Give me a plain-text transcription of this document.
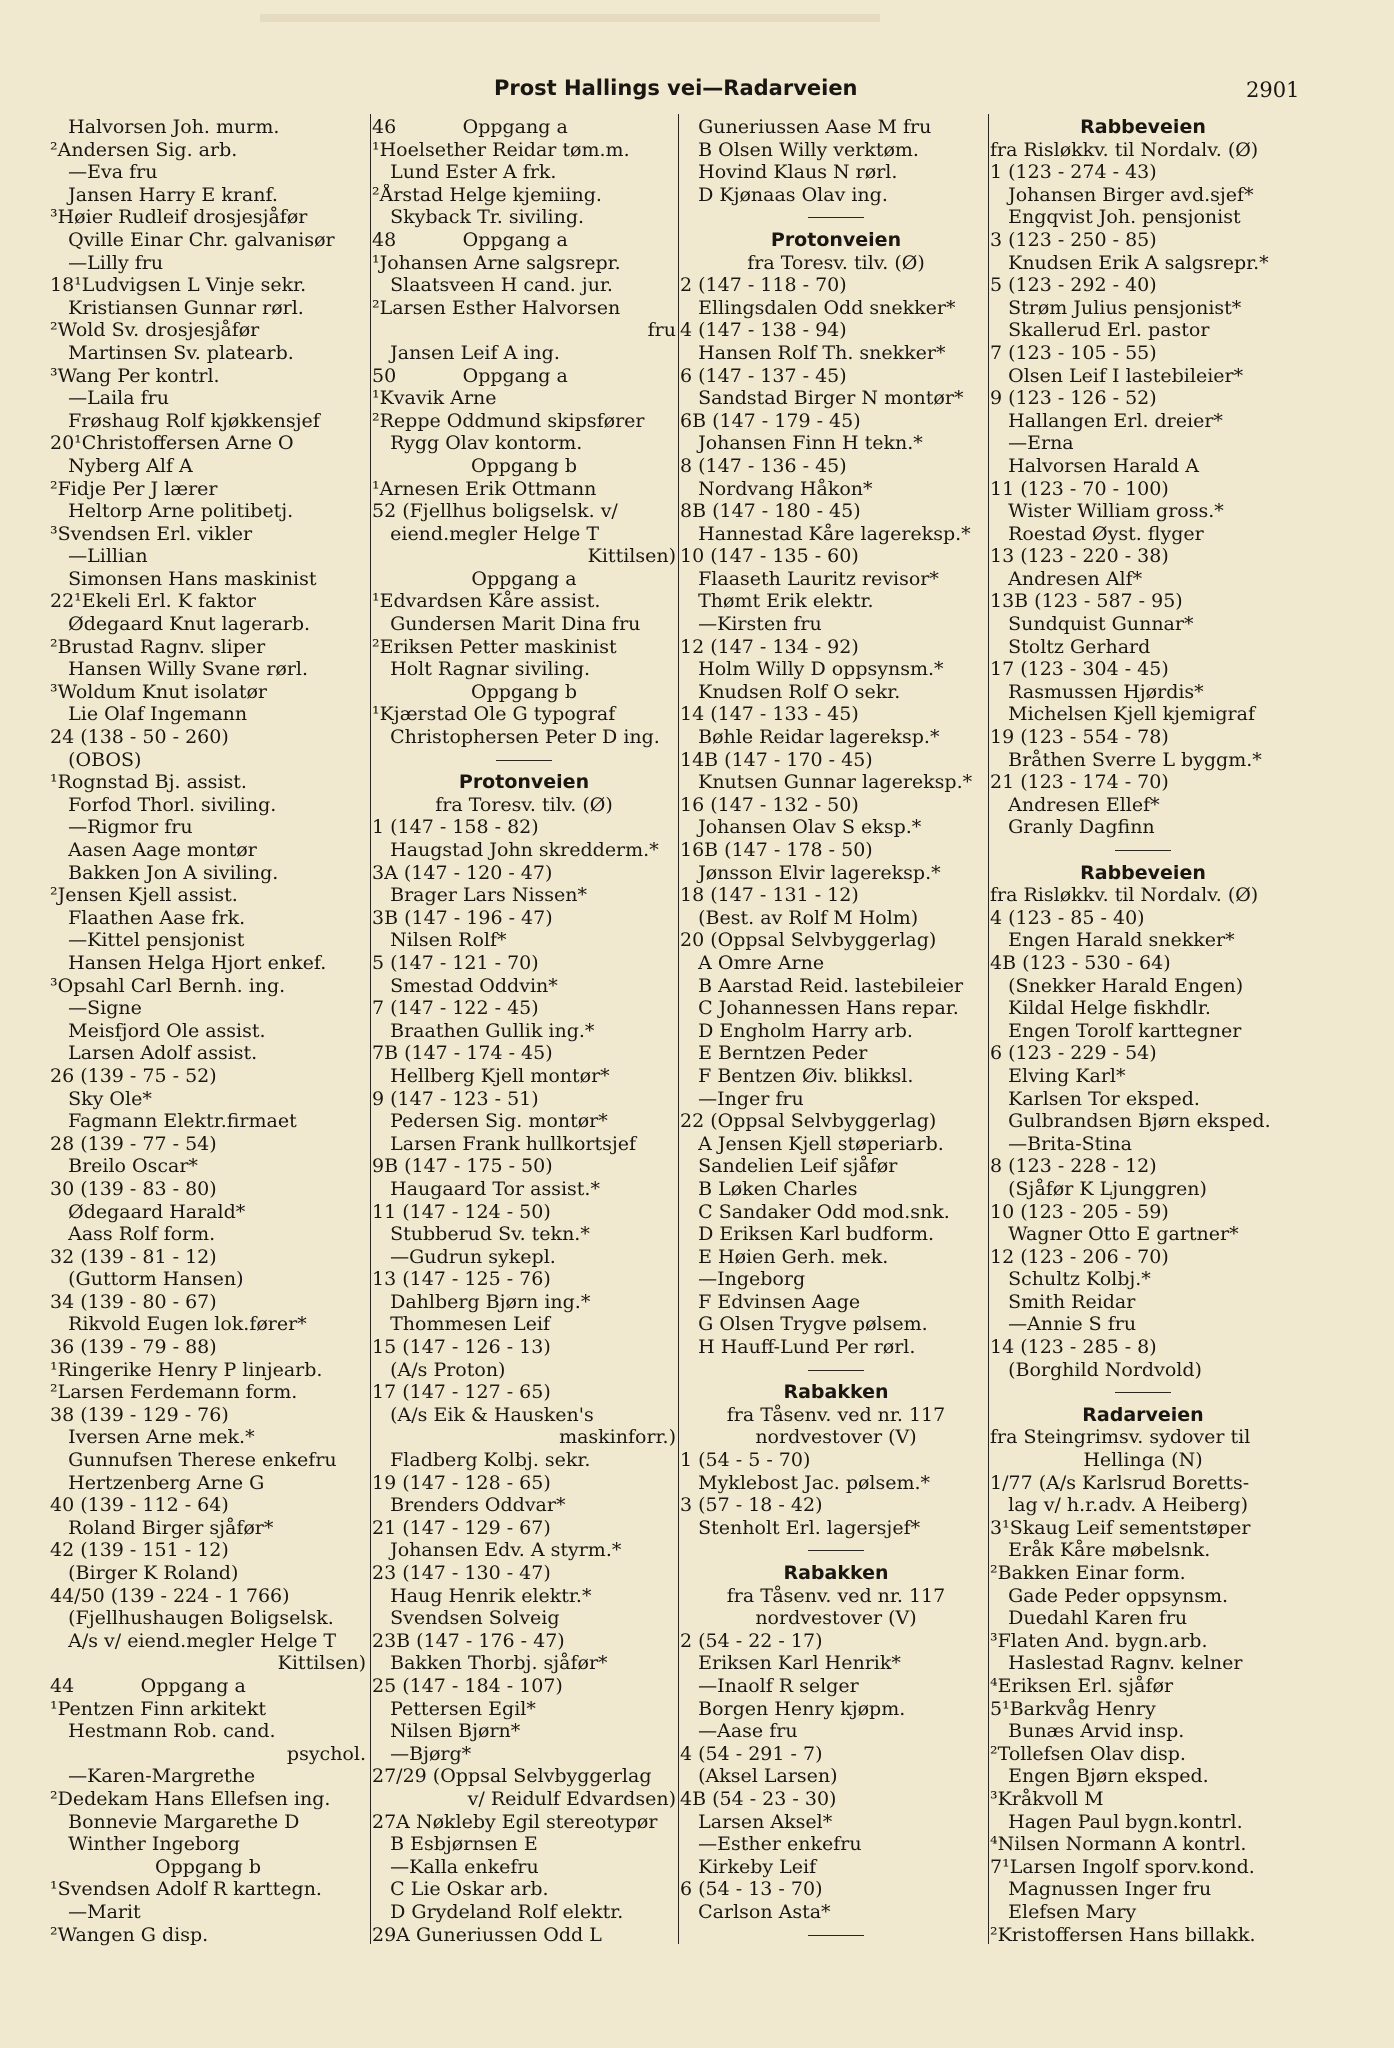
Prost Hallings vei—Radarveien	2901
Halvorsen Joh. murm.
²Andersen Sig. arb.
—Eva fru
Jansen Harry E kranf.
³Høier Rudleif drosjesjåfør
Qville Einar Chr. galvanisør
—Lilly fru
18¹Ludvigsen L Vinje sekr.
Kristiansen Gunnar rørl.
²Wold Sv. drosjesjåfør
Martinsen Sv. platearb.
³Wang Per kontrl.
—Laila fru
Frøshaug Rolf kjøkkensjef
20¹Christoffersen Arne O
Nyberg Alf A
²Fidje Per J lærer
Heltorp Arne politibetj.
³Svendsen Erl. vikler
—Lillian
Simonsen Hans maskinist
22¹Ekeli Erl. K faktor
Ødegaard Knut lagerarb.
²Brustad Ragnv. sliper
Hansen Willy Svane rørl.
³Woldum Knut isolatør
Lie Olaf Ingemann
24 (138 - 50 - 260)
(OBOS)
¹Rognstad Bj. assist.
Forfod Thorl. siviling.
—Rigmor fru
Aasen Aage montør
Bakken Jon A siviling.
²Jensen Kjell assist.
Flaathen Aase frk.
—Kittel pensjonist
Hansen Helga Hjort enkef.
³Opsahl Carl Bernh. ing.
—Signe
Meisfjord Ole assist.
Larsen Adolf assist.
26 (139 - 75 - 52)
Sky Ole*
Fagmann Elektr.firmaet
28 (139 - 77 - 54)
Breilo Oscar*
30 (139 - 83 - 80)
Ødegaard Harald*
Aass Rolf form.
32 (139 - 81 - 12)
(Guttorm Hansen)
34 (139 - 80 - 67)
Rikvold Eugen lok.fører*
36 (139 - 79 - 88)
¹Ringerike Henry P linjearb.
²Larsen Ferdemann form.
38 (139 - 129 - 76)
Iversen Arne mek.*
Gunnufsen Therese enkefru
Hertzenberg Arne G
40 (139 - 112 - 64)
Roland Birger sjåfør*
42 (139 - 151 - 12)
(Birger K Roland)
44/50 (139 - 224 - 1 766)
(Fjellhushaugen Boligselsk.
A/s v/ eiend.megler Helge T
Kittilsen)
44           Oppgang a
¹Pentzen Finn arkitekt
Hestmann Rob. cand.
psychol.
—Karen-Margrethe
²Dedekam Hans Ellefsen ing.
Bonnevie Margarethe D
Winther Ingeborg
Oppgang b
¹Svendsen Adolf R karttegn.
—Marit
²Wangen G disp.
46           Oppgang a
¹Hoelsether Reidar tøm.m.
Lund Ester A frk.
²Årstad Helge kjemiing.
Skyback Tr. siviling.
48           Oppgang a
¹Johansen Arne salgsrepr.
Slaatsveen H cand. jur.
²Larsen Esther Halvorsen
fru
Jansen Leif A ing.
50           Oppgang a
¹Kvavik Arne
²Reppe Oddmund skipsfører
Rygg Olav kontorm.
Oppgang b
¹Arnesen Erik Ottmann
52 (Fjellhus boligselsk. v/
eiend.megler Helge T
Kittilsen)
Oppgang a
¹Edvardsen Kåre assist.
Gundersen Marit Dina fru
²Eriksen Petter maskinist
Holt Ragnar siviling.
Oppgang b
¹Kjærstad Ole G typograf
Christophersen Peter D ing.
Protonveien
fra Toresv. tilv. (Ø)
1 (147 - 158 - 82)
Haugstad John skredderm.*
3A (147 - 120 - 47)
Brager Lars Nissen*
3B (147 - 196 - 47)
Nilsen Rolf*
5 (147 - 121 - 70)
Smestad Oddvin*
7 (147 - 122 - 45)
Braathen Gullik ing.*
7B (147 - 174 - 45)
Hellberg Kjell montør*
9 (147 - 123 - 51)
Pedersen Sig. montør*
Larsen Frank hullkortsjef
9B (147 - 175 - 50)
Haugaard Tor assist.*
11 (147 - 124 - 50)
Stubberud Sv. tekn.*
—Gudrun sykepl.
13 (147 - 125 - 76)
Dahlberg Bjørn ing.*
Thommesen Leif
15 (147 - 126 - 13)
(A/s Proton)
17 (147 - 127 - 65)
(A/s Eik & Hausken's
maskinforr.)
Fladberg Kolbj. sekr.
19 (147 - 128 - 65)
Brenders Oddvar*
21 (147 - 129 - 67)
Johansen Edv. A styrm.*
23 (147 - 130 - 47)
Haug Henrik elektr.*
Svendsen Solveig
23B (147 - 176 - 47)
Bakken Thorbj. sjåfør*
25 (147 - 184 - 107)
Pettersen Egil*
Nilsen Bjørn*
—Bjørg*
27/29 (Oppsal Selvbyggerlag
v/ Reidulf Edvardsen)
27A Nøkleby Egil stereotypør
B Esbjørnsen E
—Kalla enkefru
C Lie Oskar arb.
D Grydeland Rolf elektr.
29A Guneriussen Odd L
Guneriussen Aase M fru
B Olsen Willy verktøm.
Hovind Klaus N rørl.
D Kjønaas Olav ing.
Protonveien
fra Toresv. tilv. (Ø)
2 (147 - 118 - 70)
Ellingsdalen Odd snekker*
4 (147 - 138 - 94)
Hansen Rolf Th. snekker*
6 (147 - 137 - 45)
Sandstad Birger N montør*
6B (147 - 179 - 45)
Johansen Finn H tekn.*
8 (147 - 136 - 45)
Nordvang Håkon*
8B (147 - 180 - 45)
Hannestad Kåre lagereksp.*
10 (147 - 135 - 60)
Flaaseth Lauritz revisor*
Thømt Erik elektr.
—Kirsten fru
12 (147 - 134 - 92)
Holm Willy D oppsynsm.*
Knudsen Rolf O sekr.
14 (147 - 133 - 45)
Bøhle Reidar lagereksp.*
14B (147 - 170 - 45)
Knutsen Gunnar lagereksp.*
16 (147 - 132 - 50)
Johansen Olav S eksp.*
16B (147 - 178 - 50)
Jønsson Elvir lagereksp.*
18 (147 - 131 - 12)
(Best. av Rolf M Holm)
20 (Oppsal Selvbyggerlag)
A Omre Arne
B Aarstad Reid. lastebileier
C Johannessen Hans repar.
D Engholm Harry arb.
E Berntzen Peder
F Bentzen Øiv. blikksl.
—Inger fru
22 (Oppsal Selvbyggerlag)
A Jensen Kjell støperiarb.
Sandelien Leif sjåfør
B Løken Charles
C Sandaker Odd mod.snk.
D Eriksen Karl budform.
E Høien Gerh. mek.
—Ingeborg
F Edvinsen Aage
G Olsen Trygve pølsem.
H Hauff-Lund Per rørl.
Rabakken
fra Tåsenv. ved nr. 117
nordvestover (V)
1 (54 - 5 - 70)
Myklebost Jac. pølsem.*
3 (57 - 18 - 42)
Stenholt Erl. lagersjef*
Rabakken
fra Tåsenv. ved nr. 117
nordvestover (V)
2 (54 - 22 - 17)
Eriksen Karl Henrik*
—Inaolf R selger
Borgen Henry kjøpm.
—Aase fru
4 (54 - 291 - 7)
(Aksel Larsen)
4B (54 - 23 - 30)
Larsen Aksel*
—Esther enkefru
Kirkeby Leif
6 (54 - 13 - 70)
Carlson Asta*
Rabbeveien
fra Risløkkv. til Nordalv. (Ø)
1 (123 - 274 - 43)
Johansen Birger avd.sjef*
Engqvist Joh. pensjonist
3 (123 - 250 - 85)
Knudsen Erik A salgsrepr.*
5 (123 - 292 - 40)
Strøm Julius pensjonist*
Skallerud Erl. pastor
7 (123 - 105 - 55)
Olsen Leif I lastebileier*
9 (123 - 126 - 52)
Hallangen Erl. dreier*
—Erna
Halvorsen Harald A
11 (123 - 70 - 100)
Wister William gross.*
Roestad Øyst. flyger
13 (123 - 220 - 38)
Andresen Alf*
13B (123 - 587 - 95)
Sundquist Gunnar*
Stoltz Gerhard
17 (123 - 304 - 45)
Rasmussen Hjørdis*
Michelsen Kjell kjemigraf
19 (123 - 554 - 78)
Bråthen Sverre L byggm.*
21 (123 - 174 - 70)
Andresen Ellef*
Granly Dagfinn
Rabbeveien
fra Risløkkv. til Nordalv. (Ø)
4 (123 - 85 - 40)
Engen Harald snekker*
4B (123 - 530 - 64)
(Snekker Harald Engen)
Kildal Helge fiskhdlr.
Engen Torolf karttegner
6 (123 - 229 - 54)
Elving Karl*
Karlsen Tor eksped.
Gulbrandsen Bjørn eksped.
—Brita-Stina
8 (123 - 228 - 12)
(Sjåfør K Ljunggren)
10 (123 - 205 - 59)
Wagner Otto E gartner*
12 (123 - 206 - 70)
Schultz Kolbj.*
Smith Reidar
—Annie S fru
14 (123 - 285 - 8)
(Borghild Nordvold)
Radarveien
fra Steingrimsv. sydover til
Hellinga (N)
1/77 (A/s Karlsrud Boretts-
lag v/ h.r.adv. A Heiberg)
3¹Skaug Leif sementstøper
Eråk Kåre møbelsnk.
²Bakken Einar form.
Gade Peder oppsynsm.
Duedahl Karen fru
³Flaten And. bygn.arb.
Haslestad Ragnv. kelner
⁴Eriksen Erl. sjåfør
5¹Barkvåg Henry
Bunæs Arvid insp.
²Tollefsen Olav disp.
Engen Bjørn eksped.
³Kråkvoll M
Hagen Paul bygn.kontrl.
⁴Nilsen Normann A kontrl.
7¹Larsen Ingolf sporv.kond.
Magnussen Inger fru
Elefsen Mary
²Kristoffersen Hans billakk.
